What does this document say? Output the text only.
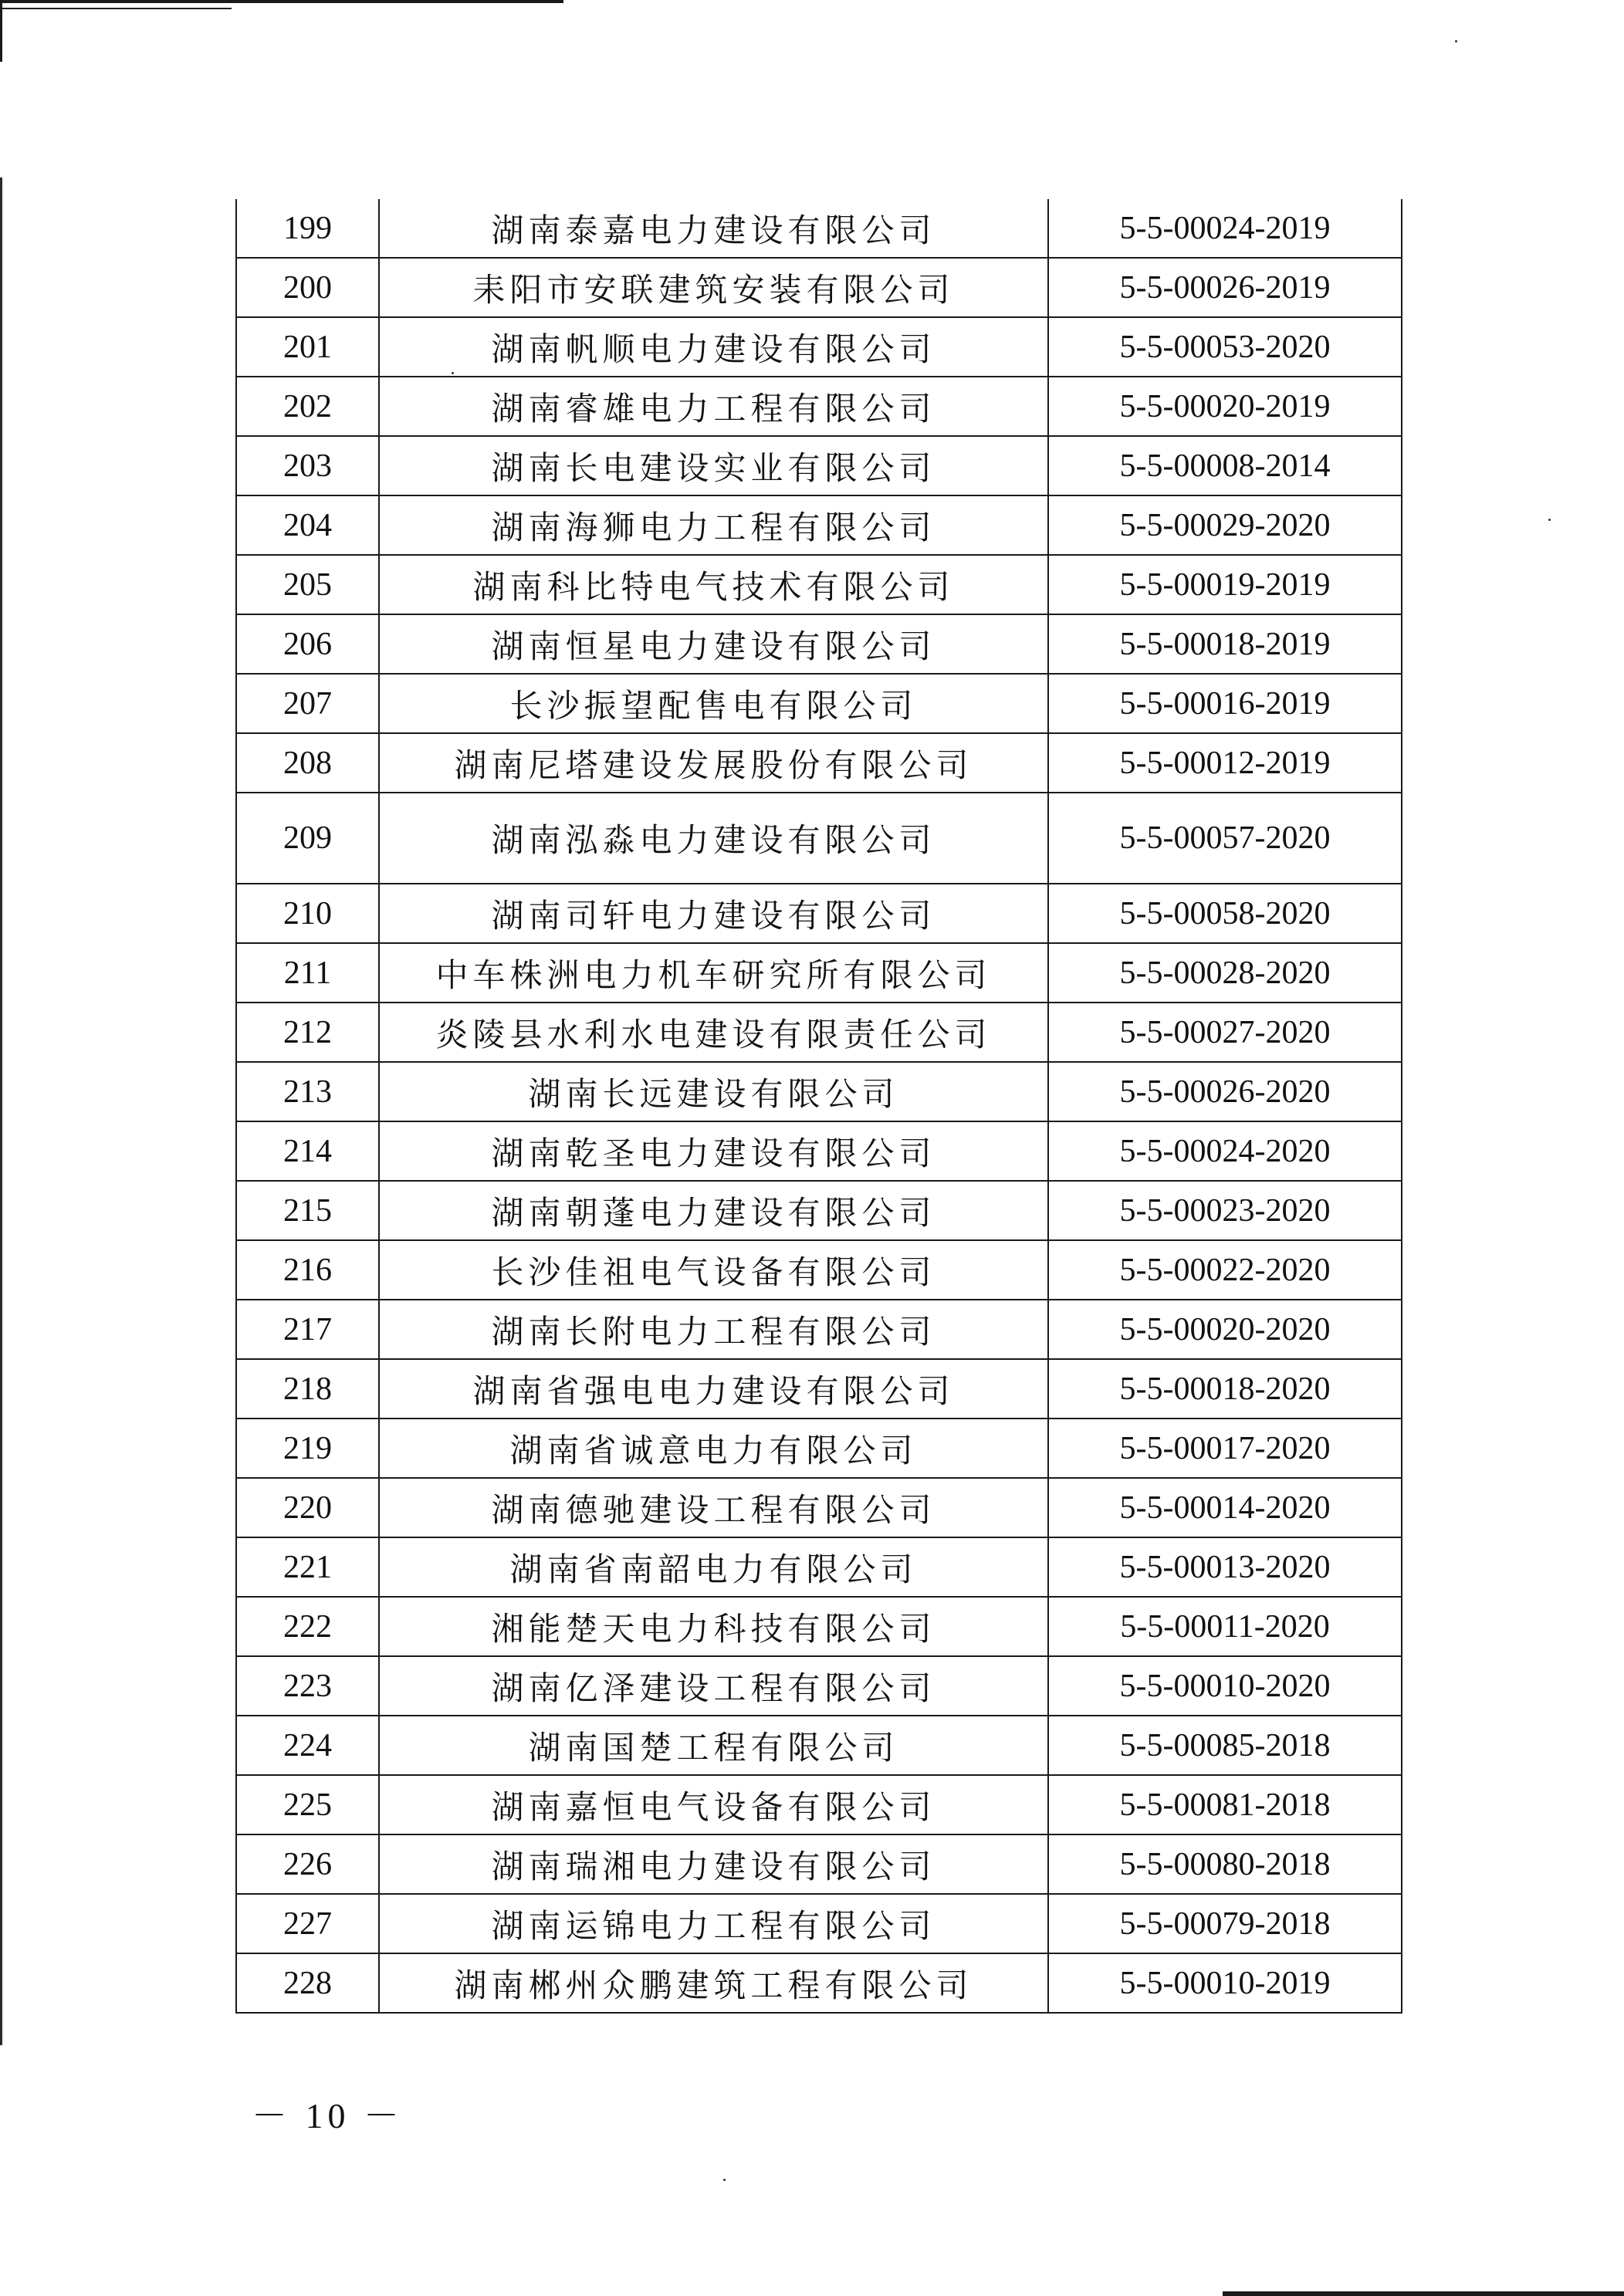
199	湖南泰嘉电力建设有限公司	5-5-00024-2019
200	耒阳市安联建筑安装有限公司	5-5-00026-2019
201	湖南帆顺电力建设有限公司	5-5-00053-2020
202	湖南睿雄电力工程有限公司	5-5-00020-2019
203	湖南长电建设实业有限公司	5-5-00008-2014
204	湖南海狮电力工程有限公司	5-5-00029-2020
205	湖南科比特电气技术有限公司	5-5-00019-2019
206	湖南恒星电力建设有限公司	5-5-00018-2019
207	长沙振望配售电有限公司	5-5-00016-2019
208	湖南尼塔建设发展股份有限公司	5-5-00012-2019
209	湖南泓淼电力建设有限公司	5-5-00057-2020
210	湖南司轩电力建设有限公司	5-5-00058-2020
211	中车株洲电力机车研究所有限公司	5-5-00028-2020
212	炎陵县水利水电建设有限责任公司	5-5-00027-2020
213	湖南长远建设有限公司	5-5-00026-2020
214	湖南乾圣电力建设有限公司	5-5-00024-2020
215	湖南朝蓬电力建设有限公司	5-5-00023-2020
216	长沙佳祖电气设备有限公司	5-5-00022-2020
217	湖南长附电力工程有限公司	5-5-00020-2020
218	湖南省强电电力建设有限公司	5-5-00018-2020
219	湖南省诚意电力有限公司	5-5-00017-2020
220	湖南德驰建设工程有限公司	5-5-00014-2020
221	湖南省南韶电力有限公司	5-5-00013-2020
222	湘能楚天电力科技有限公司	5-5-00011-2020
223	湖南亿泽建设工程有限公司	5-5-00010-2020
224	湖南国楚工程有限公司	5-5-00085-2018
225	湖南嘉恒电气设备有限公司	5-5-00081-2018
226	湖南瑞湘电力建设有限公司	5-5-00080-2018
227	湖南运锦电力工程有限公司	5-5-00079-2018
228	湖南郴州众鹏建筑工程有限公司	5-5-00010-2019
－ 10 －
